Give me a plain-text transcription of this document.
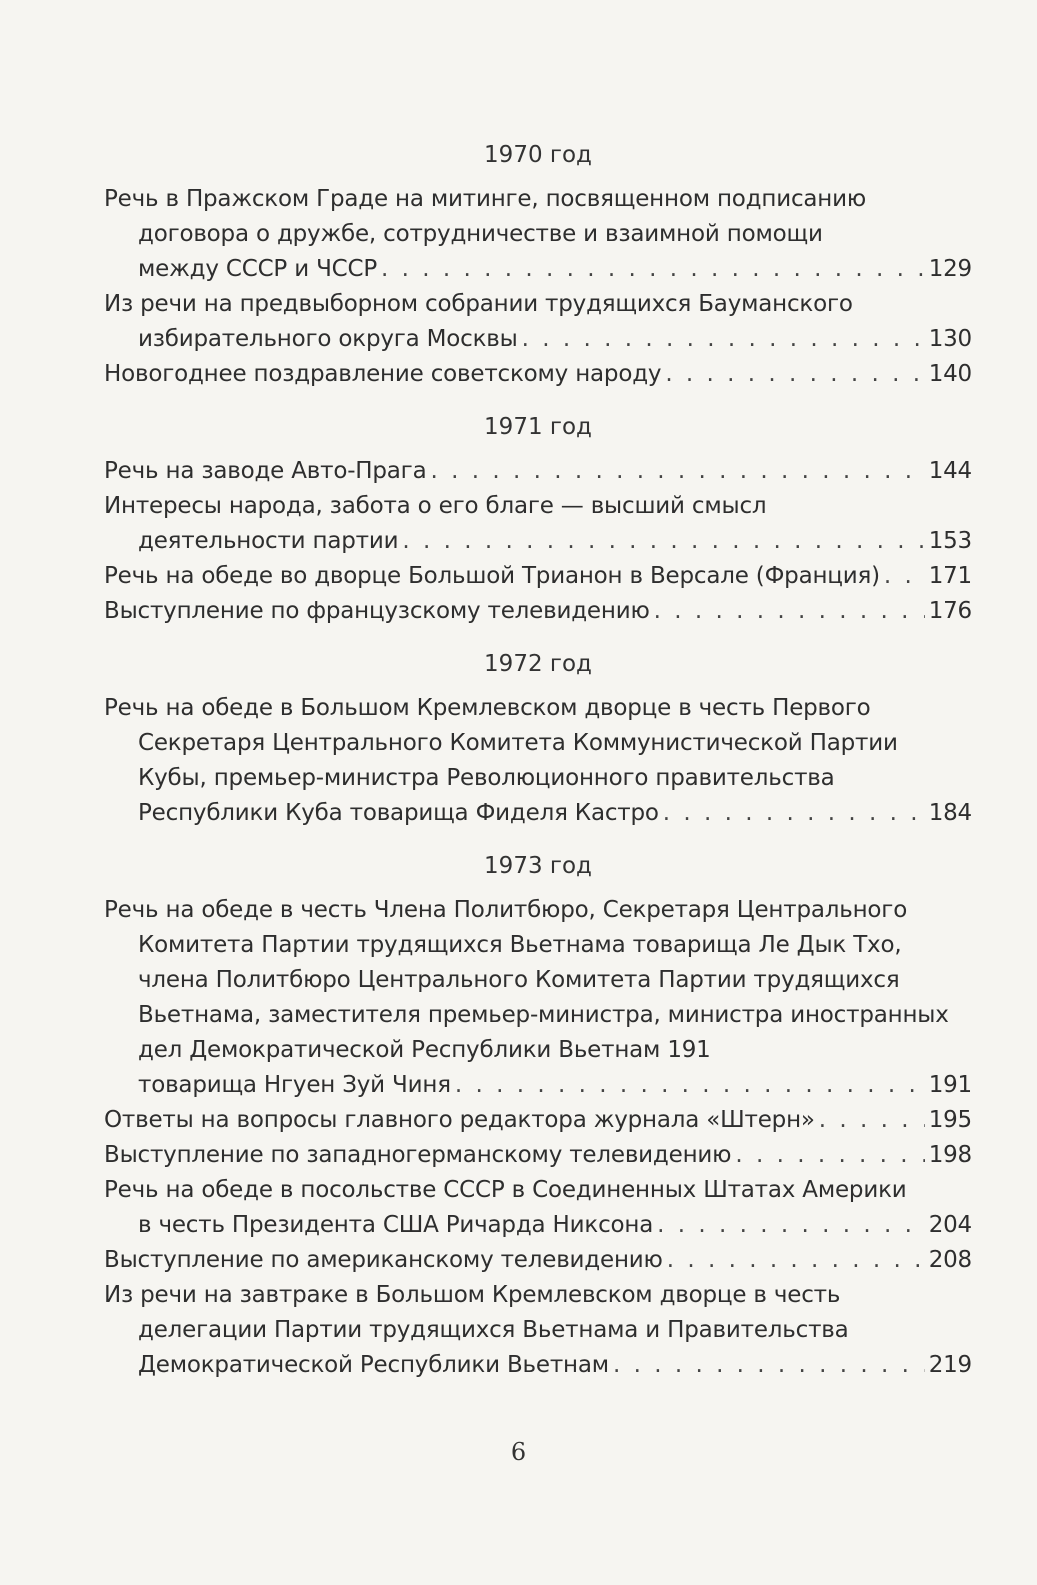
1970 год
Речь в Пражском Граде на митинге, посвященном подписанию
договора о дружбе, сотрудничестве и взаимной помощи
между СССР и ЧССР . . .	129
Из речи на предвыборном собрании трудящихся Бауманского
избирательного округа Москвы . . .	130
Новогоднее поздравление советскому народу . . .	140
1971 год
Речь на заводе Авто-Прага . . .	144
Интересы народа, забота о его благе — высший смысл
деятельности партии . . .	153
Речь на обеде во дворце Большой Трианон в Версале (Франция) . . . 171
Выступление по французскому телевидению . . .	176
1972 год
Речь на обеде в Большом Кремлевском дворце в честь Первого
Секретаря Центрального Комитета Коммунистической Партии
Кубы, премьер-министра Революционного правительства
Республики Куба товарища Фиделя Кастро . . .	184
1973 год
Речь на обеде в честь Члена Политбюро, Секретаря Центрального
Комитета Партии трудящихся Вьетнама товарища Ле Дык Тхо,
члена Политбюро Центрального Комитета Партии трудящихся
Вьетнама, заместителя премьер-министра, министра иностранных
дел Демократической Республики Вьетнам 191
товарища Нгуен Зуй Чиня . . .	191
Ответы на вопросы главного редактора журнала «Штерн» . . .	195
Выступление по западногерманскому телевидению . . .	198
Речь на обеде в посольстве СССР в Соединенных Штатах Америки
в честь Президента США Ричарда Никсона . . .	204
Выступление по американскому телевидению . . .	208
Из речи на завтраке в Большом Кремлевском дворце в честь
делегации Партии трудящихся Вьетнама и Правительства
Демократической Республики Вьетнам . . .	219
6
